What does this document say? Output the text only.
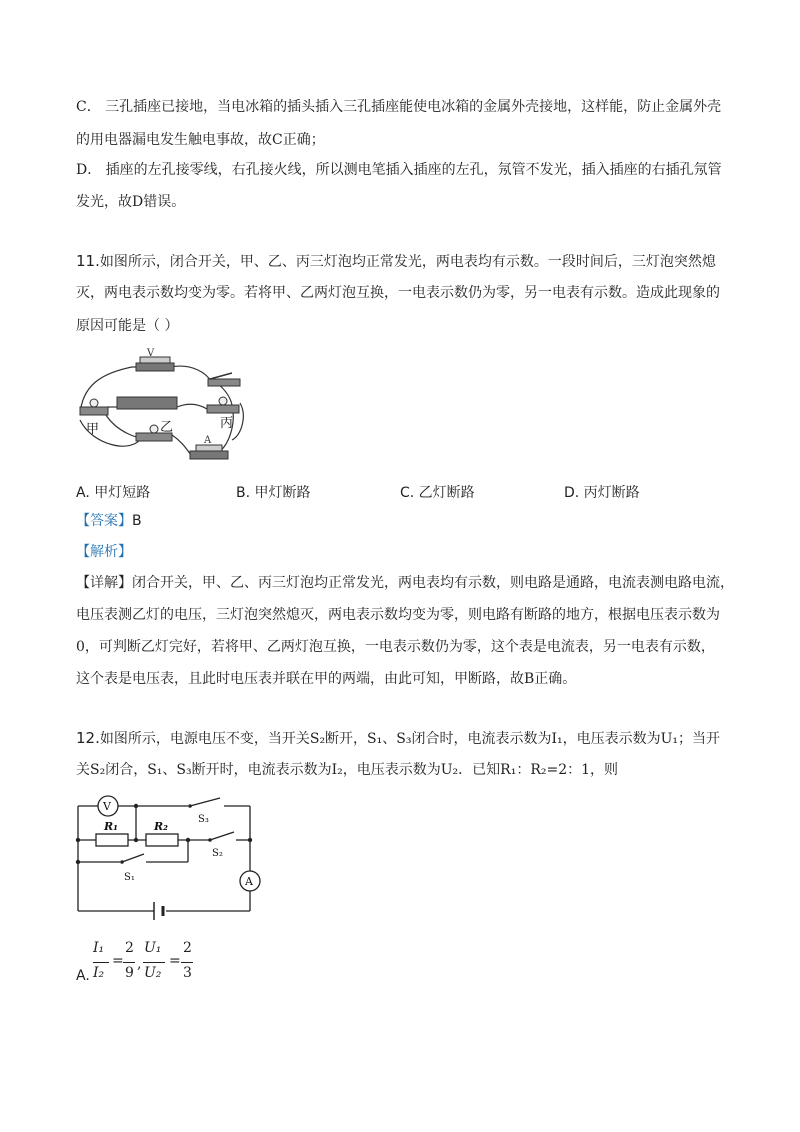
C． 三孔插座已接地，当电冰箱的插头插入三孔插座能使电冰箱的金属外壳接地，这样能，防止金属外壳
的用电器漏电发生触电事故，故C正确；
D． 插座的左孔接零线，右孔接火线，所以测电笔插入插座的左孔，氖管不发光，插入插座的右插孔氖管
发光，故D错误。
11.如图所示，闭合开关，甲、乙、丙三灯泡均正常发光，两电表均有示数。一段时间后，三灯泡突然熄
灭，两电表示数均变为零。若将甲、乙两灯泡互换，一电表示数仍为零，另一电表有示数。造成此现象的
原因可能是（ ）
V
甲	丙
乙
A
A. 甲灯短路	B. 甲灯断路	C. 乙灯断路	D. 丙灯断路
【答案】B
【解析】
【详解】闭合开关，甲、乙、丙三灯泡均正常发光，两电表均有示数，则电路是通路，电流表测电路电流，
电压表测乙灯的电压，三灯泡突然熄灭，两电表示数均变为零，则电路有断路的地方，根据电压表示数为
0，可判断乙灯完好，若将甲、乙两灯泡互换，一电表示数仍为零，这个表是电流表，另一电表有示数，
这个表是电压表，且此时电压表并联在甲的两端，由此可知，甲断路，故B正确。
12.如图所示，电源电压不变，当开关S₂断开，S₁、S₃闭合时，电流表示数为I₁，电压表示数为U₁；当开
关S₂闭合，S₁、S₃断开时，电流表示数为I₂，电压表示数为U₂．已知R₁：R₂=2：1，则
V
S₃
R₁	R₂
S₂
S₁	A
A.
I₁
I₂
=
2
9
,
U₁
U₂
=
2
3
